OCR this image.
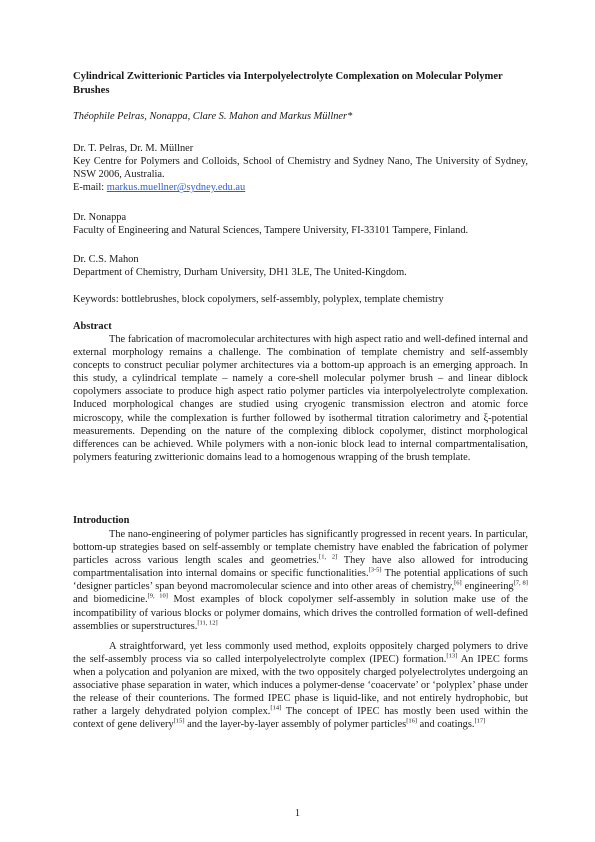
Cylindrical Zwitterionic Particles via Interpolyelectrolyte Complexation on Molecular Polymer Brushes
Théophile Pelras, Nonappa, Clare S. Mahon and Markus Müllner*
Dr. T. Pelras, Dr. M. Müllner
Key Centre for Polymers and Colloids, School of Chemistry and Sydney Nano, The University of Sydney, NSW 2006, Australia.
E-mail: markus.muellner@sydney.edu.au
Dr. Nonappa
Faculty of Engineering and Natural Sciences, Tampere University, FI-33101 Tampere, Finland.
Dr. C.S. Mahon
Department of Chemistry, Durham University, DH1 3LE, The United-Kingdom.
Keywords: bottlebrushes, block copolymers, self-assembly, polyplex, template chemistry
Abstract
The fabrication of macromolecular architectures with high aspect ratio and well-defined internal and external morphology remains a challenge. The combination of template chemistry and self-assembly concepts to construct peculiar polymer architectures via a bottom-up approach is an emerging approach. In this study, a cylindrical template – namely a core-shell molecular polymer brush – and linear diblock copolymers associate to produce high aspect ratio polymer particles via interpolyelectrolyte complexation. Induced morphological changes are studied using cryogenic transmission electron and atomic force microscopy, while the complexation is further followed by isothermal titration calorimetry and ξ-potential measurements. Depending on the nature of the complexing diblock copolymer, distinct morphological differences can be achieved. While polymers with a non-ionic block lead to internal compartmentalisation, polymers featuring zwitterionic domains lead to a homogenous wrapping of the brush template.
Introduction
The nano-engineering of polymer particles has significantly progressed in recent years. In particular, bottom-up strategies based on self-assembly or template chemistry have enabled the fabrication of polymer particles across various length scales and geometries.[1, 2] They have also allowed for introducing compartmentalisation into internal domains or specific functionalities.[3-5] The potential applications of such ‘designer particles’ span beyond macromolecular science and into other areas of chemistry,[6] engineering[7, 8] and biomedicine.[9, 10] Most examples of block copolymer self-assembly in solution make use of the incompatibility of various blocks or polymer domains, which drives the controlled formation of well-defined assemblies or superstructures.[11, 12]
A straightforward, yet less commonly used method, exploits oppositely charged polymers to drive the self-assembly process via so called interpolyelectrolyte complex (IPEC) formation.[13] An IPEC forms when a polycation and polyanion are mixed, with the two oppositely charged polyelectrolytes undergoing an associative phase separation in water, which induces a polymer-dense ‘coacervate’ or ‘polyplex’ phase under the release of their counterions. The formed IPEC phase is liquid-like, and not entirely hydrophobic, but rather a largely dehydrated polyion complex.[14] The concept of IPEC has mostly been used within the context of gene delivery[15] and the layer-by-layer assembly of polymer particles[16] and coatings.[17]
1
